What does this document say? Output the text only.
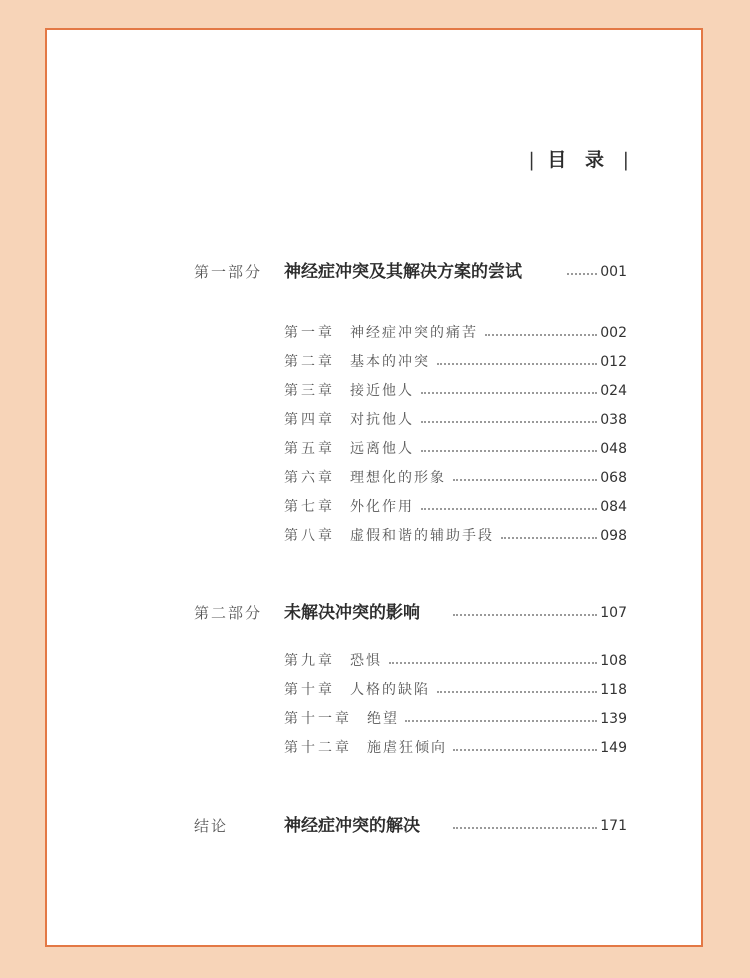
| 目 录 |
第一部分 神经症冲突及其解决方案的尝试	001
第一章 神经症冲突的痛苦	002
第二章 基本的冲突	012
第三章 接近他人	024
第四章 对抗他人	038
第五章 远离他人	048
第六章 理想化的形象	068
第七章 外化作用	084
第八章 虚假和谐的辅助手段	098
第二部分 未解决冲突的影响	107
第九章 恐惧	108
第十章 人格的缺陷	118
第十一章 绝望	139
第十二章 施虐狂倾向	149
结论	神经症冲突的解决	171
